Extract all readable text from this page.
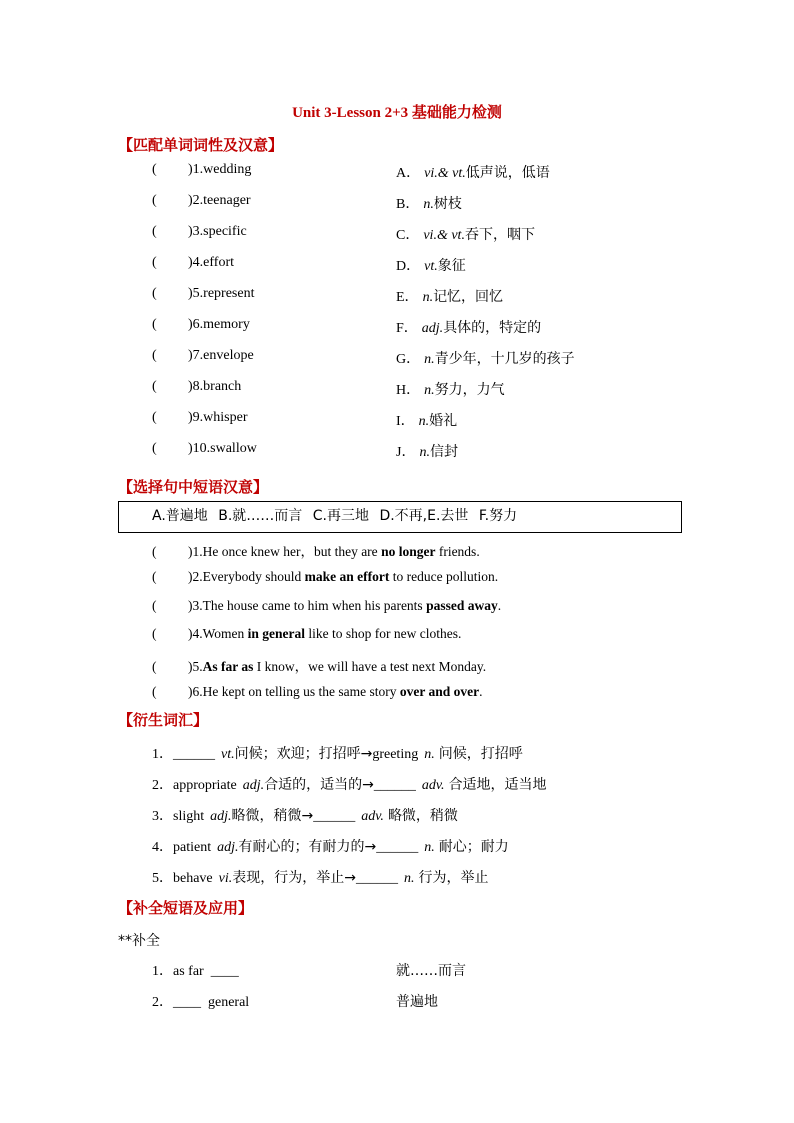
Unit 3-Lesson 2+3 基础能力检测
【匹配单词词性及汉意】
( )1.wedding	A． vi.& vt.低声说，低语
( )2.teenager	B． n.树枝
( )3.specific	C． vi.& vt.吞下，咽下
( )4.effort	D． vt.象征
( )5.represent	E． n.记忆，回忆
( )6.memory	F． adj.具体的，特定的
( )7.envelope	G． n.青少年，十几岁的孩子
( )8.branch	H． n.努力，力气
( )9.whisper	I． n.婚礼
( )10.swallow	J． n.信封
【选择句中短语汉意】
A.普遍地 B.就……而言 C.再三地 D.不再,E.去世 F.努力
( )1.He once knew her，but they are no longer friends.
( )2.Everybody should make an effort to reduce pollution.
( )3.The house came to him when his parents passed away.
( )4.Women in general like to shop for new clothes.
( )5.As far as I know，we will have a test next Monday.
( )6.He kept on telling us the same story over and over.
【衍生词汇】
1．______ vt.问候；欢迎；打招呼→greeting n. 问候，打招呼
2．appropriate adj.合适的，适当的→______ adv. 合适地，适当地
3．slight adj.略微，稍微→______ adv. 略微，稍微
4．patient adj.有耐心的；有耐力的→______ n. 耐心；耐力
5．behave vi.表现，行为，举止→______ n. 行为，举止
【补全短语及应用】
**补全
1．as far  ____	就……而言
2．____  general	普遍地
